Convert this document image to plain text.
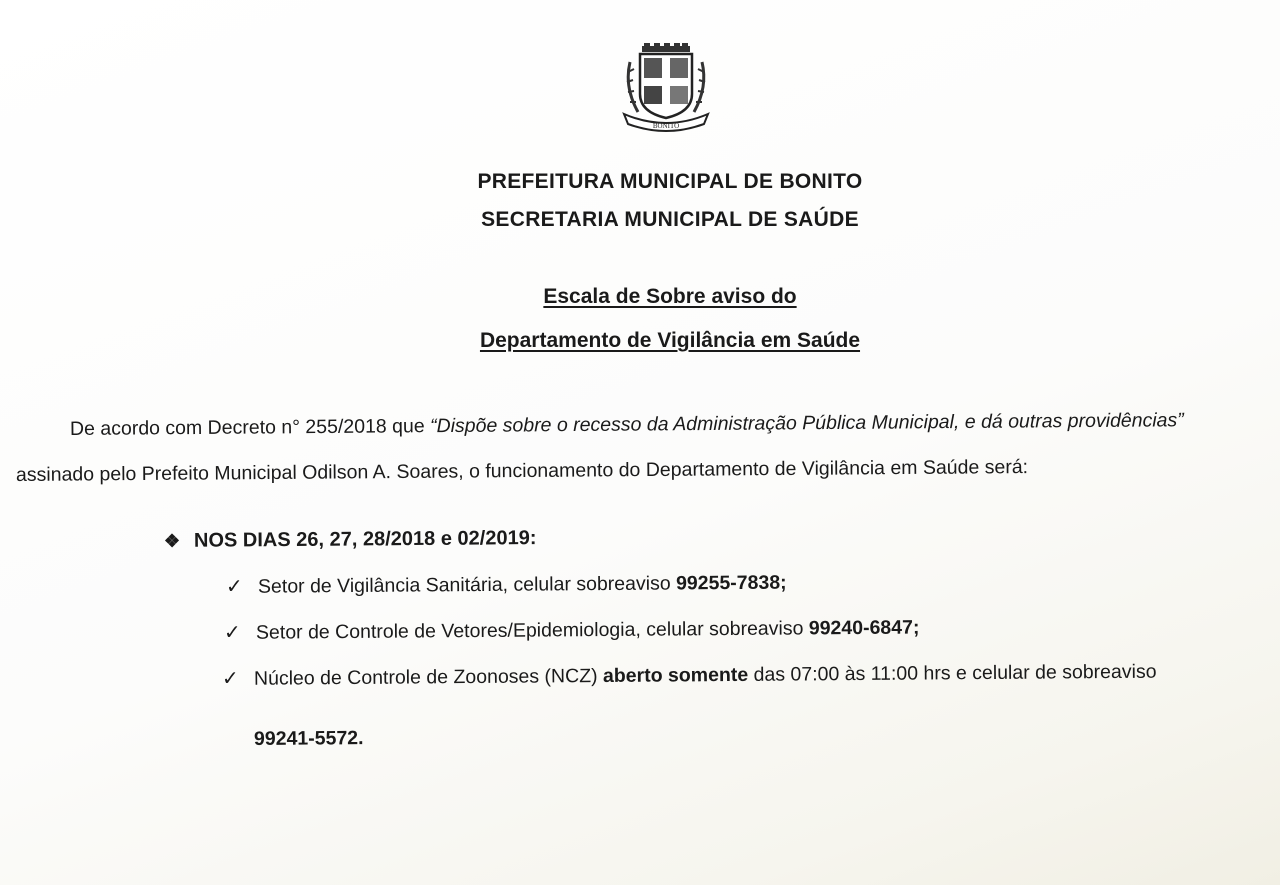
BONITO
PREFEITURA MUNICIPAL DE BONITO
SECRETARIA MUNICIPAL DE SAÚDE
Escala de Sobre aviso do
Departamento de Vigilância em Saúde
De acordo com Decreto n° 255/2018 que “Dispõe sobre o recesso da Administração Pública Municipal, e dá outras providências”
assinado pelo Prefeito Municipal Odilson A. Soares, o funcionamento do Departamento de Vigilância em Saúde será:
❖ NOS DIAS 26, 27, 28/2018 e 02/2019:
✓ Setor de Vigilância Sanitária, celular sobreaviso 99255-7838;
✓ Setor de Controle de Vetores/Epidemiologia, celular sobreaviso 99240-6847;
✓ Núcleo de Controle de Zoonoses (NCZ) aberto somente das 07:00 às 11:00 hrs e celular de sobreaviso
99241-5572.
